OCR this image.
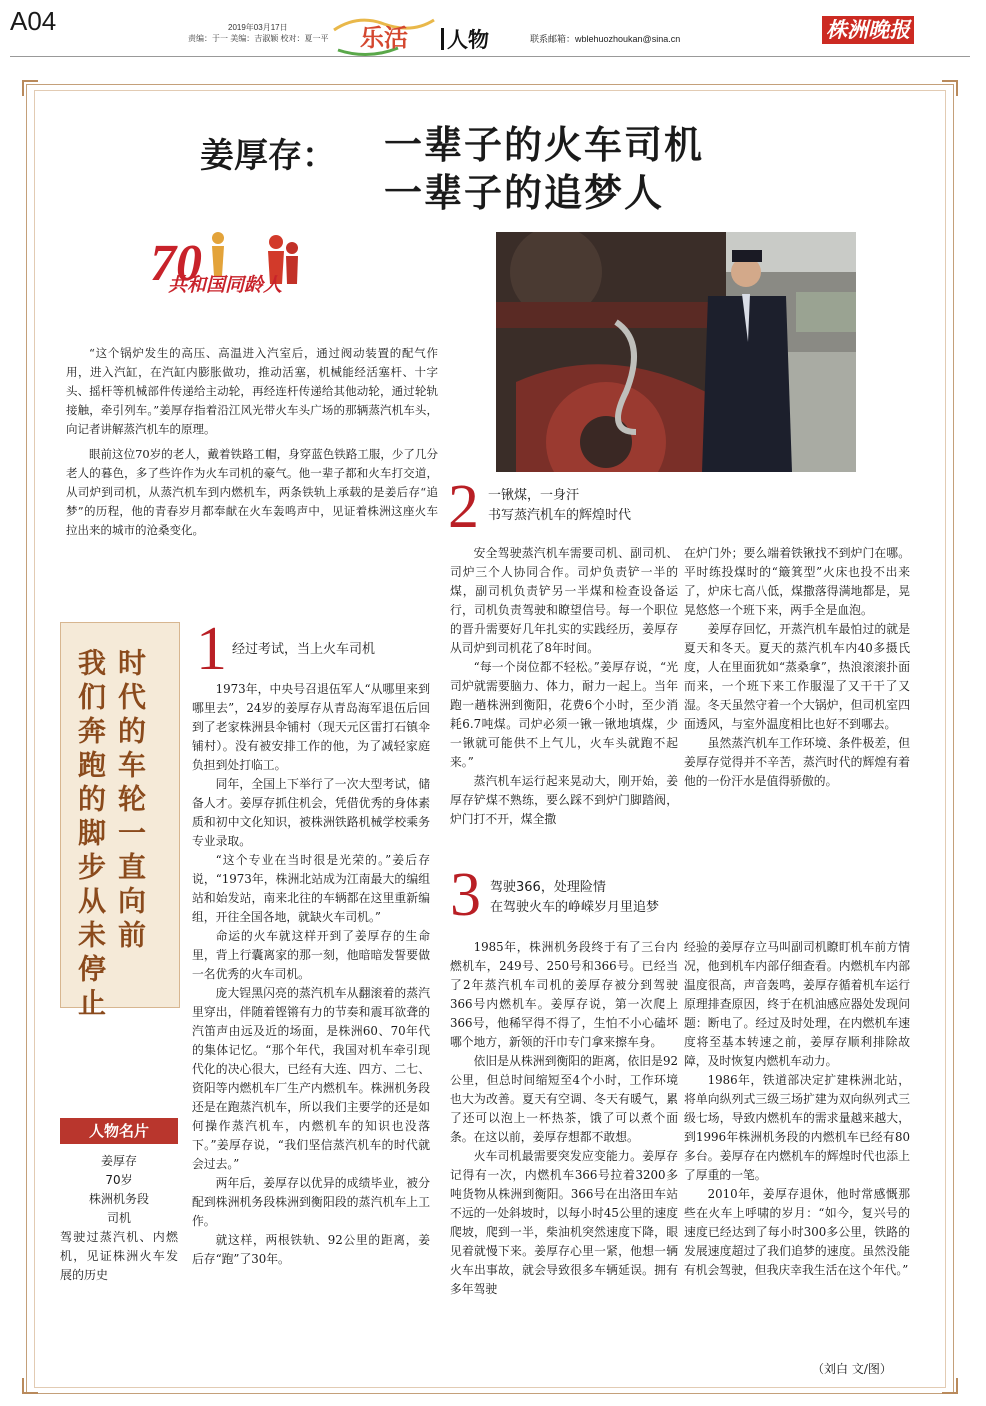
A04	2019年03月17日
责编：于一 美编：吉淑颖 校对：夏一平 乐活 人物	联系邮箱：wblehuozhoukan@sina.cn	株洲晚报
姜厚存： 一辈子的火车司机
一辈子的追梦人
70
共和国同龄人

“这个锅炉发生的高压、高温进入汽室后，通过阀动装置的配气作用，进入汽缸，在汽缸内膨胀做功，推动活塞，机械能经活塞杆、十字头、摇杆等机械部件传递给主动轮，再经连杆传递给其他动轮，通过轮轨接触，牵引列车。”姜厚存指着沿江风光带火车头广场的那辆蒸汽机车头，向记者讲解蒸汽机车的原理。

眼前这位70岁的老人，戴着铁路工帽，身穿蓝色铁路工服，少了几分老人的暮色，多了些许作为火车司机的豪气。他一辈子都和火车打交道，从司炉到司机，从蒸汽机车到内燃机车，两条铁轨上承载的是姜后存“追梦”的历程，他的青春岁月都奉献在火车轰鸣声中，见证着株洲这座火车拉出来的城市的沧桑变化。

时代的车轮一直向前
我们奔跑的脚步从未停止
人物名片
姜厚存
70岁
株洲机务段
司机
驾驶过蒸汽机、内燃机，见证株洲火车发展的历史
1 经过考试，当上火车司机

1973年，中央号召退伍军人“从哪里来到哪里去”，24岁的姜厚存从青岛海军退伍后回到了老家株洲县伞铺村（现天元区雷打石镇伞铺村）。没有被安排工作的他，为了减轻家庭负担到处打临工。

同年，全国上下举行了一次大型考试，储备人才。姜厚存抓住机会，凭借优秀的身体素质和初中文化知识，被株洲铁路机械学校乘务专业录取。

“这个专业在当时很是光荣的。”姜后存说，“1973年，株洲北站成为江南最大的编组站和始发站，南来北往的车辆都在这里重新编组，开往全国各地，就缺火车司机。”

命运的火车就这样开到了姜厚存的生命里，背上行囊离家的那一刻，他暗暗发誓要做一名优秀的火车司机。

庞大锃黑闪亮的蒸汽机车从翻滚着的蒸汽里穿出，伴随着铿锵有力的节奏和震耳欲聋的汽笛声由远及近的场面，是株洲60、70年代的集体记忆。“那个年代，我国对机车牵引现代化的决心很大，已经有大连、四方、二七、资阳等内燃机车厂生产内燃机车。株洲机务段还是在跑蒸汽机车，所以我们主要学的还是如何操作蒸汽机车，内燃机车的知识也没落下。”姜厚存说，“我们坚信蒸汽机车的时代就会过去。”

两年后，姜厚存以优异的成绩毕业，被分配到株洲机务段株洲到衡阳段的蒸汽机车上工作。

就这样，两根铁轨、92公里的距离，姜后存“跑”了30年。

2 一锹煤，一身汗
书写蒸汽机车的辉煌时代

安全驾驶蒸汽机车需要司机、副司机、司炉三个人协同合作。司炉负责铲一半的煤，副司机负责铲另一半煤和检查设备运行，司机负责驾驶和瞭望信号。每一个职位的晋升需要好几年扎实的实践经历，姜厚存从司炉到司机花了8年时间。

“每一个岗位都不轻松。”姜厚存说，“光司炉就需要脑力、体力，耐力一起上。当年跑一趟株洲到衡阳，花费6个小时，至少消耗6.7吨煤。司炉必须一锹一锹地填煤，少一锹就可能供不上气儿，火车头就跑不起来。”

蒸汽机车运行起来晃动大，刚开始，姜厚存铲煤不熟练，要么踩不到炉门脚踏阀，炉门打不开，煤全撒

在炉门外；要么端着铁锹找不到炉门在哪。平时练投煤时的“簸箕型”火床也投不出来了，炉床七高八低，煤撒落得满地都是，晃晃悠悠一个班下来，两手全是血泡。

姜厚存回忆，开蒸汽机车最怕过的就是夏天和冬天。夏天的蒸汽机车内40多摄氏度，人在里面犹如“蒸桑拿”，热浪滚滚扑面而来，一个班下来工作服湿了又干干了又湿。冬天虽然守着一个大锅炉，但司机室四面透风，与室外温度相比也好不到哪去。

虽然蒸汽机车工作环境、条件极差，但姜厚存觉得并不辛苦，蒸汽时代的辉煌有着他的一份汗水是值得骄傲的。

3 驾驶366，处理险情
在驾驶火车的峥嵘岁月里追梦

1985年，株洲机务段终于有了三台内燃机车，249号、250号和366号。已经当了2年蒸汽机车司机的姜厚存被分到驾驶366号内燃机车。姜厚存说，第一次爬上366号，他稀罕得不得了，生怕不小心磕坏哪个地方，新领的汗巾专门拿来擦车身。

依旧是从株洲到衡阳的距离，依旧是92公里，但总时间缩短至4个小时，工作环境也大为改善。夏天有空调、冬天有暖气，累了还可以泡上一杯热茶，饿了可以煮个面条。在这以前，姜厚存想都不敢想。

火车司机最需要突发应变能力。姜厚存记得有一次，内燃机车366号拉着3200多吨货物从株洲到衡阳。366号在出洛田车站不远的一处斜坡时，以每小时45公里的速度爬坡，爬到一半，柴油机突然速度下降，眼见着就慢下来。姜厚存心里一紧，他想一辆火车出事故，就会导致很多车辆延误。拥有多年驾驶

经验的姜厚存立马叫副司机瞭盯机车前方情况，他到机车内部仔细查看。内燃机车内部温度很高，声音轰鸣，姜厚存循着机车运行原理排查原因，终于在机油感应器处发现问题：断电了。经过及时处理，在内燃机车速度将至基本转速之前，姜厚存顺利排除故障，及时恢复内燃机车动力。

1986年，铁道部决定扩建株洲北站，将单向纵列式三级三场扩建为双向纵列式三级七场，导致内燃机车的需求量越来越大，到1996年株洲机务段的内燃机车已经有80多台。姜厚存在内燃机车的辉煌时代也添上了厚重的一笔。

2010年，姜厚存退休，他时常感慨那些在火车上呼啸的岁月：“如今，复兴号的速度已经达到了每小时300多公里，铁路的发展速度超过了我们追梦的速度。虽然没能有机会驾驶，但我庆幸我生活在这个年代。”

（刘白 文/图）
